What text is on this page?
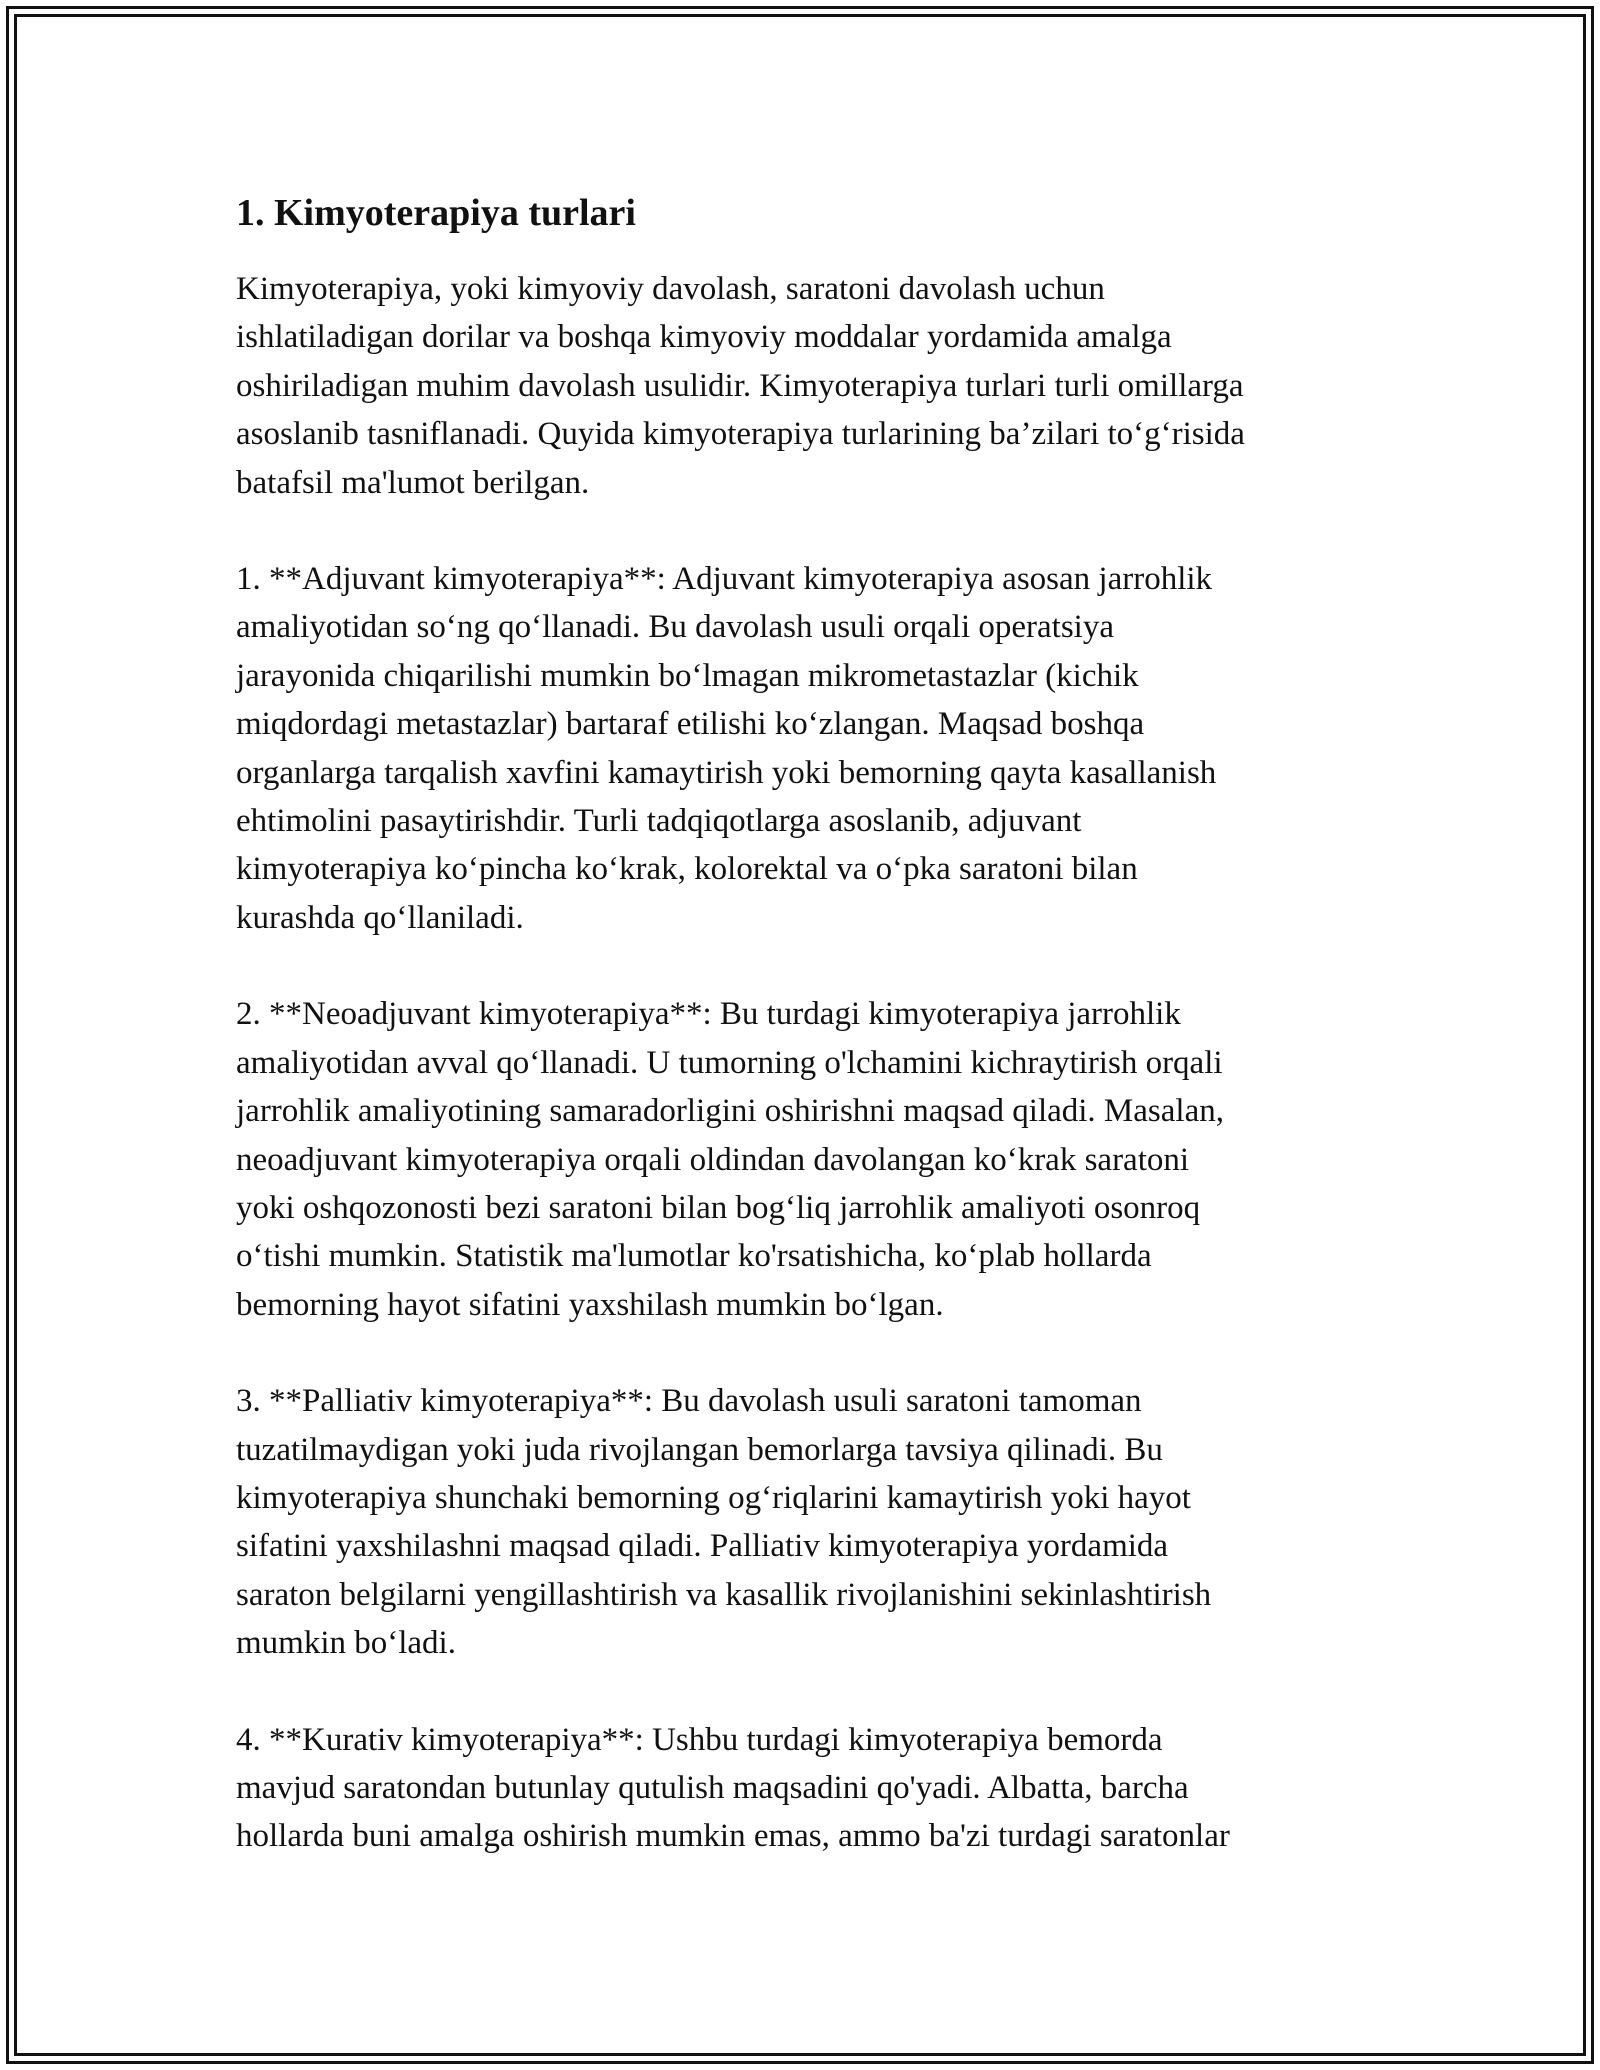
1. Kimyoterapiya turlari

Kimyoterapiya, yoki kimyoviy davolash, saratoni davolash uchun
ishlatiladigan dorilar va boshqa kimyoviy moddalar yordamida amalga
oshiriladigan muhim davolash usulidir. Kimyoterapiya turlari turli omillarga
asoslanib tasniflanadi. Quyida kimyoterapiya turlarining ba’zilari to‘g‘risida
batafsil ma'lumot berilgan.

1. **Adjuvant kimyoterapiya**: Adjuvant kimyoterapiya asosan jarrohlik
amaliyotidan so‘ng qo‘llanadi. Bu davolash usuli orqali operatsiya
jarayonida chiqarilishi mumkin bo‘lmagan mikrometastazlar (kichik
miqdordagi metastazlar) bartaraf etilishi ko‘zlangan. Maqsad boshqa
organlarga tarqalish xavfini kamaytirish yoki bemorning qayta kasallanish
ehtimolini pasaytirishdir. Turli tadqiqotlarga asoslanib, adjuvant
kimyoterapiya ko‘pincha ko‘krak, kolorektal va o‘pka saratoni bilan
kurashda qo‘llaniladi.

2. **Neoadjuvant kimyoterapiya**: Bu turdagi kimyoterapiya jarrohlik
amaliyotidan avval qo‘llanadi. U tumorning o'lchamini kichraytirish orqali
jarrohlik amaliyotining samaradorligini oshirishni maqsad qiladi. Masalan,
neoadjuvant kimyoterapiya orqali oldindan davolangan ko‘krak saratoni
yoki oshqozonosti bezi saratoni bilan bog‘liq jarrohlik amaliyoti osonroq
o‘tishi mumkin. Statistik ma'lumotlar ko'rsatishicha, ko‘plab hollarda
bemorning hayot sifatini yaxshilash mumkin bo‘lgan.

3. **Palliativ kimyoterapiya**: Bu davolash usuli saratoni tamoman
tuzatilmaydigan yoki juda rivojlangan bemorlarga tavsiya qilinadi. Bu
kimyoterapiya shunchaki bemorning og‘riqlarini kamaytirish yoki hayot
sifatini yaxshilashni maqsad qiladi. Palliativ kimyoterapiya yordamida
saraton belgilarni yengillashtirish va kasallik rivojlanishini sekinlashtirish
mumkin bo‘ladi.

4. **Kurativ kimyoterapiya**: Ushbu turdagi kimyoterapiya bemorda
mavjud saratondan butunlay qutulish maqsadini qo'yadi. Albatta, barcha
hollarda buni amalga oshirish mumkin emas, ammo ba'zi turdagi saratonlar
